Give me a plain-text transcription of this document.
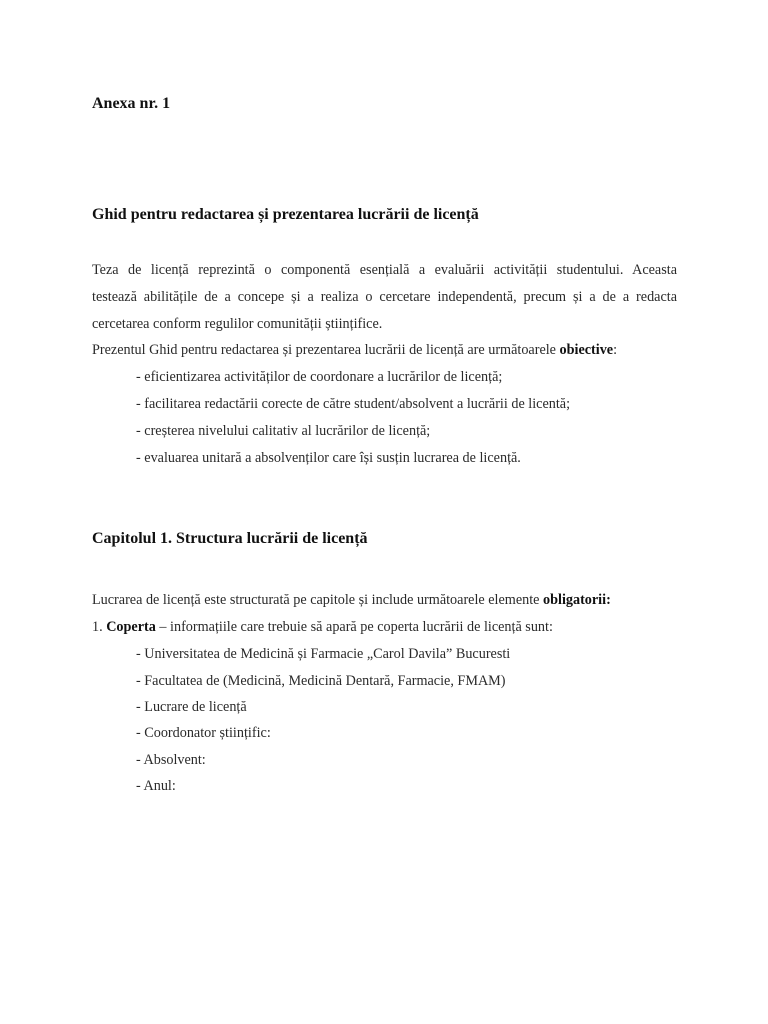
Anexa nr. 1

Ghid pentru redactarea și prezentarea lucrării de licență

Teza de licență reprezintă o componentă esențială a evaluării activității studentului. Aceasta

testează abilitățile de a concepe și a realiza o cercetare independentă, precum și a de a redacta

cercetarea conform regulilor comunității științifice.

Prezentul Ghid pentru redactarea și prezentarea lucrării de licență are următoarele obiective:

- eficientizarea activităților de coordonare a lucrărilor de licență;

- facilitarea redactării corecte de către student/absolvent a lucrării de licentă;

- creșterea nivelului calitativ al lucrărilor de licență;

- evaluarea unitară a absolvenților care își susțin lucrarea de licență.

Capitolul 1. Structura lucrării de licență

Lucrarea de licență este structurată pe capitole și include următoarele elemente obligatorii:

1. Coperta – informațiile care trebuie să apară pe coperta lucrării de licență sunt:

- Universitatea de Medicină și Farmacie „Carol Davila” Bucuresti

- Facultatea de (Medicină, Medicină Dentară, Farmacie, FMAM)

- Lucrare de licență

- Coordonator științific:

- Absolvent:

- Anul:
